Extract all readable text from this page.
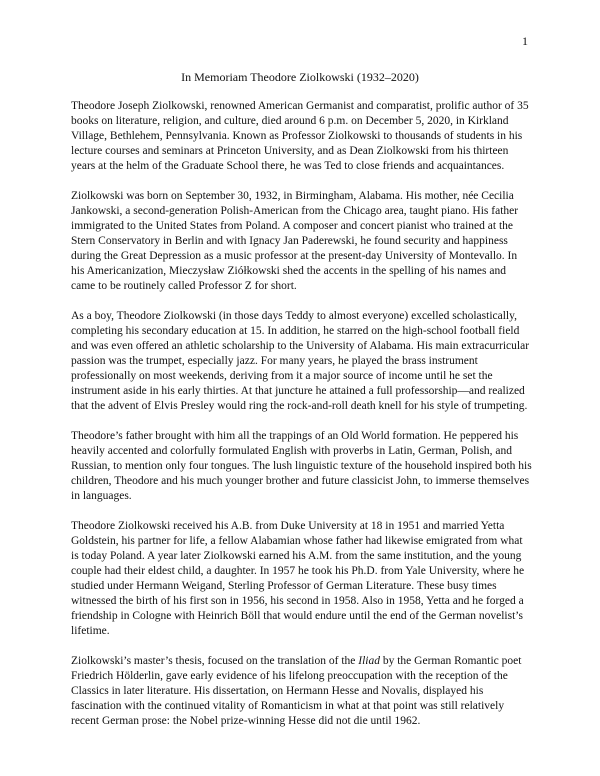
1
In Memoriam Theodore Ziolkowski (1932–2020)

Theodore Joseph Ziolkowski, renowned American Germanist and comparatist, prolific author of 35 books on literature, religion, and culture, died around 6 p.m. on December 5, 2020, in Kirkland Village, Bethlehem, Pennsylvania. Known as Professor Ziolkowski to thousands of students in his lecture courses and seminars at Princeton University, and as Dean Ziolkowski from his thirteen years at the helm of the Graduate School there, he was Ted to close friends and acquaintances.

Ziolkowski was born on September 30, 1932, in Birmingham, Alabama. His mother, née Cecilia Jankowski, a second-generation Polish-American from the Chicago area, taught piano. His father immigrated to the United States from Poland. A composer and concert pianist who trained at the Stern Conservatory in Berlin and with Ignacy Jan Paderewski, he found security and happiness during the Great Depression as a music professor at the present-day University of Montevallo. In his Americanization, Mieczysław Ziółkowski shed the accents in the spelling of his names and came to be routinely called Professor Z for short.

As a boy, Theodore Ziolkowski (in those days Teddy to almost everyone) excelled scholastically, completing his secondary education at 15. In addition, he starred on the high-school football field and was even offered an athletic scholarship to the University of Alabama. His main extracurricular passion was the trumpet, especially jazz. For many years, he played the brass instrument professionally on most weekends, deriving from it a major source of income until he set the instrument aside in his early thirties. At that juncture he attained a full professorship—and realized that the advent of Elvis Presley would ring the rock-and-roll death knell for his style of trumpeting.

Theodore’s father brought with him all the trappings of an Old World formation. He peppered his heavily accented and colorfully formulated English with proverbs in Latin, German, Polish, and Russian, to mention only four tongues. The lush linguistic texture of the household inspired both his children, Theodore and his much younger brother and future classicist John, to immerse themselves in languages.

Theodore Ziolkowski received his A.B. from Duke University at 18 in 1951 and married Yetta Goldstein, his partner for life, a fellow Alabamian whose father had likewise emigrated from what is today Poland. A year later Ziolkowski earned his A.M. from the same institution, and the young couple had their eldest child, a daughter. In 1957 he took his Ph.D. from Yale University, where he studied under Hermann Weigand, Sterling Professor of German Literature. These busy times witnessed the birth of his first son in 1956, his second in 1958. Also in 1958, Yetta and he forged a friendship in Cologne with Heinrich Böll that would endure until the end of the German novelist’s lifetime.

Ziolkowski’s master’s thesis, focused on the translation of the Iliad by the German Romantic poet Friedrich Hölderlin, gave early evidence of his lifelong preoccupation with the reception of the Classics in later literature. His dissertation, on Hermann Hesse and Novalis, displayed his fascination with the continued vitality of Romanticism in what at that point was still relatively recent German prose: the Nobel prize-winning Hesse did not die until 1962.
